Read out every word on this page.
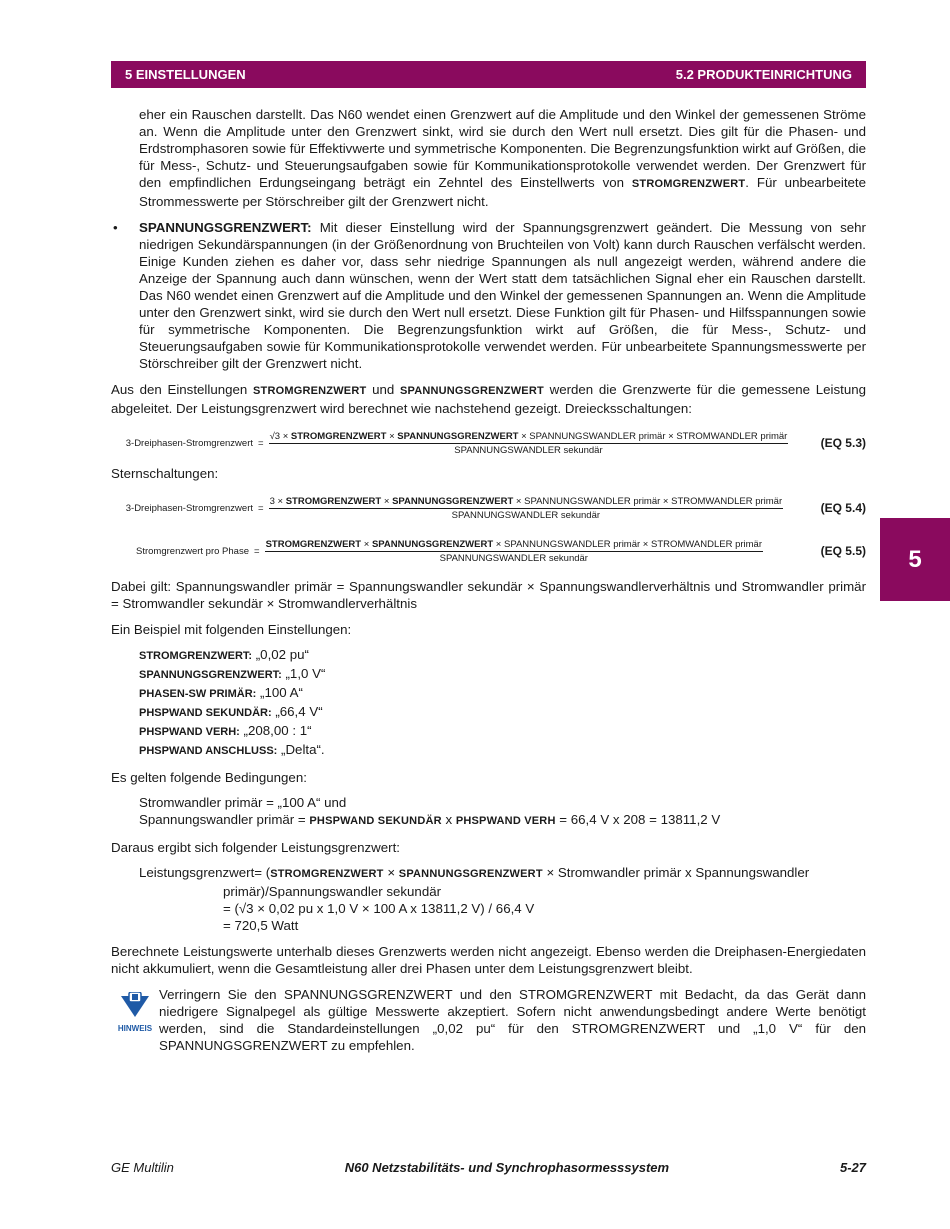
5 EINSTELLUNGEN	5.2 PRODUKTEINRICHTUNG
5

eher ein Rauschen darstellt. Das N60 wendet einen Grenzwert auf die Amplitude und den Winkel der gemessenen Ströme an. Wenn die Amplitude unter den Grenzwert sinkt, wird sie durch den Wert null ersetzt. Dies gilt für die Phasen- und Erdstromphasoren sowie für Effektivwerte und symmetrische Komponenten. Die Begrenzungsfunktion wirkt auf Größen, die für Mess-, Schutz- und Steuerungsaufgaben sowie für Kommunikationsprotokolle verwendet werden. Der Grenzwert für den empfindlichen Erdungseingang beträgt ein Zehntel des Einstellwerts von STROMGRENZWERT. Für unbearbeitete Strommesswerte per Störschreiber gilt der Grenzwert nicht.

• SPANNUNGSGRENZWERT: Mit dieser Einstellung wird der Spannungsgrenzwert geändert. Die Messung von sehr niedrigen Sekundärspannungen (in der Größenordnung von Bruchteilen von Volt) kann durch Rauschen verfälscht werden. Einige Kunden ziehen es daher vor, dass sehr niedrige Spannungen als null angezeigt werden, während andere die Anzeige der Spannung auch dann wünschen, wenn der Wert statt dem tatsächlichen Signal eher ein Rauschen darstellt. Das N60 wendet einen Grenzwert auf die Amplitude und den Winkel der gemessenen Spannungen an. Wenn die Amplitude unter den Grenzwert sinkt, wird sie durch den Wert null ersetzt. Diese Funktion gilt für Phasen- und Hilfsspannungen sowie für symmetrische Komponenten. Die Begrenzungsfunktion wirkt auf Größen, die für Mess-, Schutz- und Steuerungsaufgaben sowie für Kommunikationsprotokolle verwendet werden. Für unbearbeitete Spannungsmesswerte per Störschreiber gilt der Grenzwert nicht.

Aus den Einstellungen STROMGRENZWERT und SPANNUNGSGRENZWERT werden die Grenzwerte für die gemessene Leistung abgeleitet. Der Leistungsgrenzwert wird berechnet wie nachstehend gezeigt. Dreiecksschaltungen:

3-Dreiphasen-Stromgrenzwert =
√3 × STROMGRENZWERT × SPANNUNGSGRENZWERT × SPANNUNGSWANDLER primär × STROMWANDLER primär
SPANNUNGSWANDLER sekundär
(EQ 5.3)

Sternschaltungen:

3-Dreiphasen-Stromgrenzwert =
3 × STROMGRENZWERT × SPANNUNGSGRENZWERT × SPANNUNGSWANDLER primär × STROMWANDLER primär
SPANNUNGSWANDLER sekundär
(EQ 5.4)
Stromgrenzwert pro Phase =
STROMGRENZWERT × SPANNUNGSGRENZWERT × SPANNUNGSWANDLER primär × STROMWANDLER primär
SPANNUNGSWANDLER sekundär
(EQ 5.5)

Dabei gilt: Spannungswandler primär = Spannungswandler sekundär × Spannungswandlerverhältnis und Stromwandler primär = Stromwandler sekundär × Stromwandlerverhältnis

Ein Beispiel mit folgenden Einstellungen:

STROMGRENZWERT: „0,02 pu“
SPANNUNGSGRENZWERT: „1,0 V“
PHASEN-SW PRIMÄR: „100 A“
PHSPWAND SEKUNDÄR: „66,4 V“
PHSPWAND VERH: „208,00 : 1“
PHSPWAND ANSCHLUSS: „Delta“.

Es gelten folgende Bedingungen:

Stromwandler primär = „100 A“ und
Spannungswandler primär = PHSPWAND SEKUNDÄR x PHSPWAND VERH = 66,4 V x 208 = 13811,2 V

Daraus ergibt sich folgender Leistungsgrenzwert:

Leistungsgrenzwert= (STROMGRENZWERT × SPANNUNGSGRENZWERT × Stromwandler primär x Spannungswandler
primär)/Spannungswandler sekundär
= (√3 × 0,02 pu x 1,0 V × 100 A x 13811,2 V) / 66,4 V
= 720,5 Watt

Berechnete Leistungswerte unterhalb dieses Grenzwerts werden nicht angezeigt. Ebenso werden die Dreiphasen-Energiedaten nicht akkumuliert, wenn die Gesamtleistung aller drei Phasen unter dem Leistungsgrenzwert bleibt.

HINWEIS
Verringern Sie den SPANNUNGSGRENZWERT und den STROMGRENZWERT mit Bedacht, da das Gerät dann niedrigere Signalpegel als gültige Messwerte akzeptiert. Sofern nicht anwendungsbedingt andere Werte benötigt werden, sind die Standardeinstellungen „0,02 pu“ für den STROMGRENZWERT und „1,0 V“ für den SPANNUNGSGRENZWERT zu empfehlen.
GE Multilin	N60 Netzstabilitäts- und Synchrophasormesssystem	5-27
